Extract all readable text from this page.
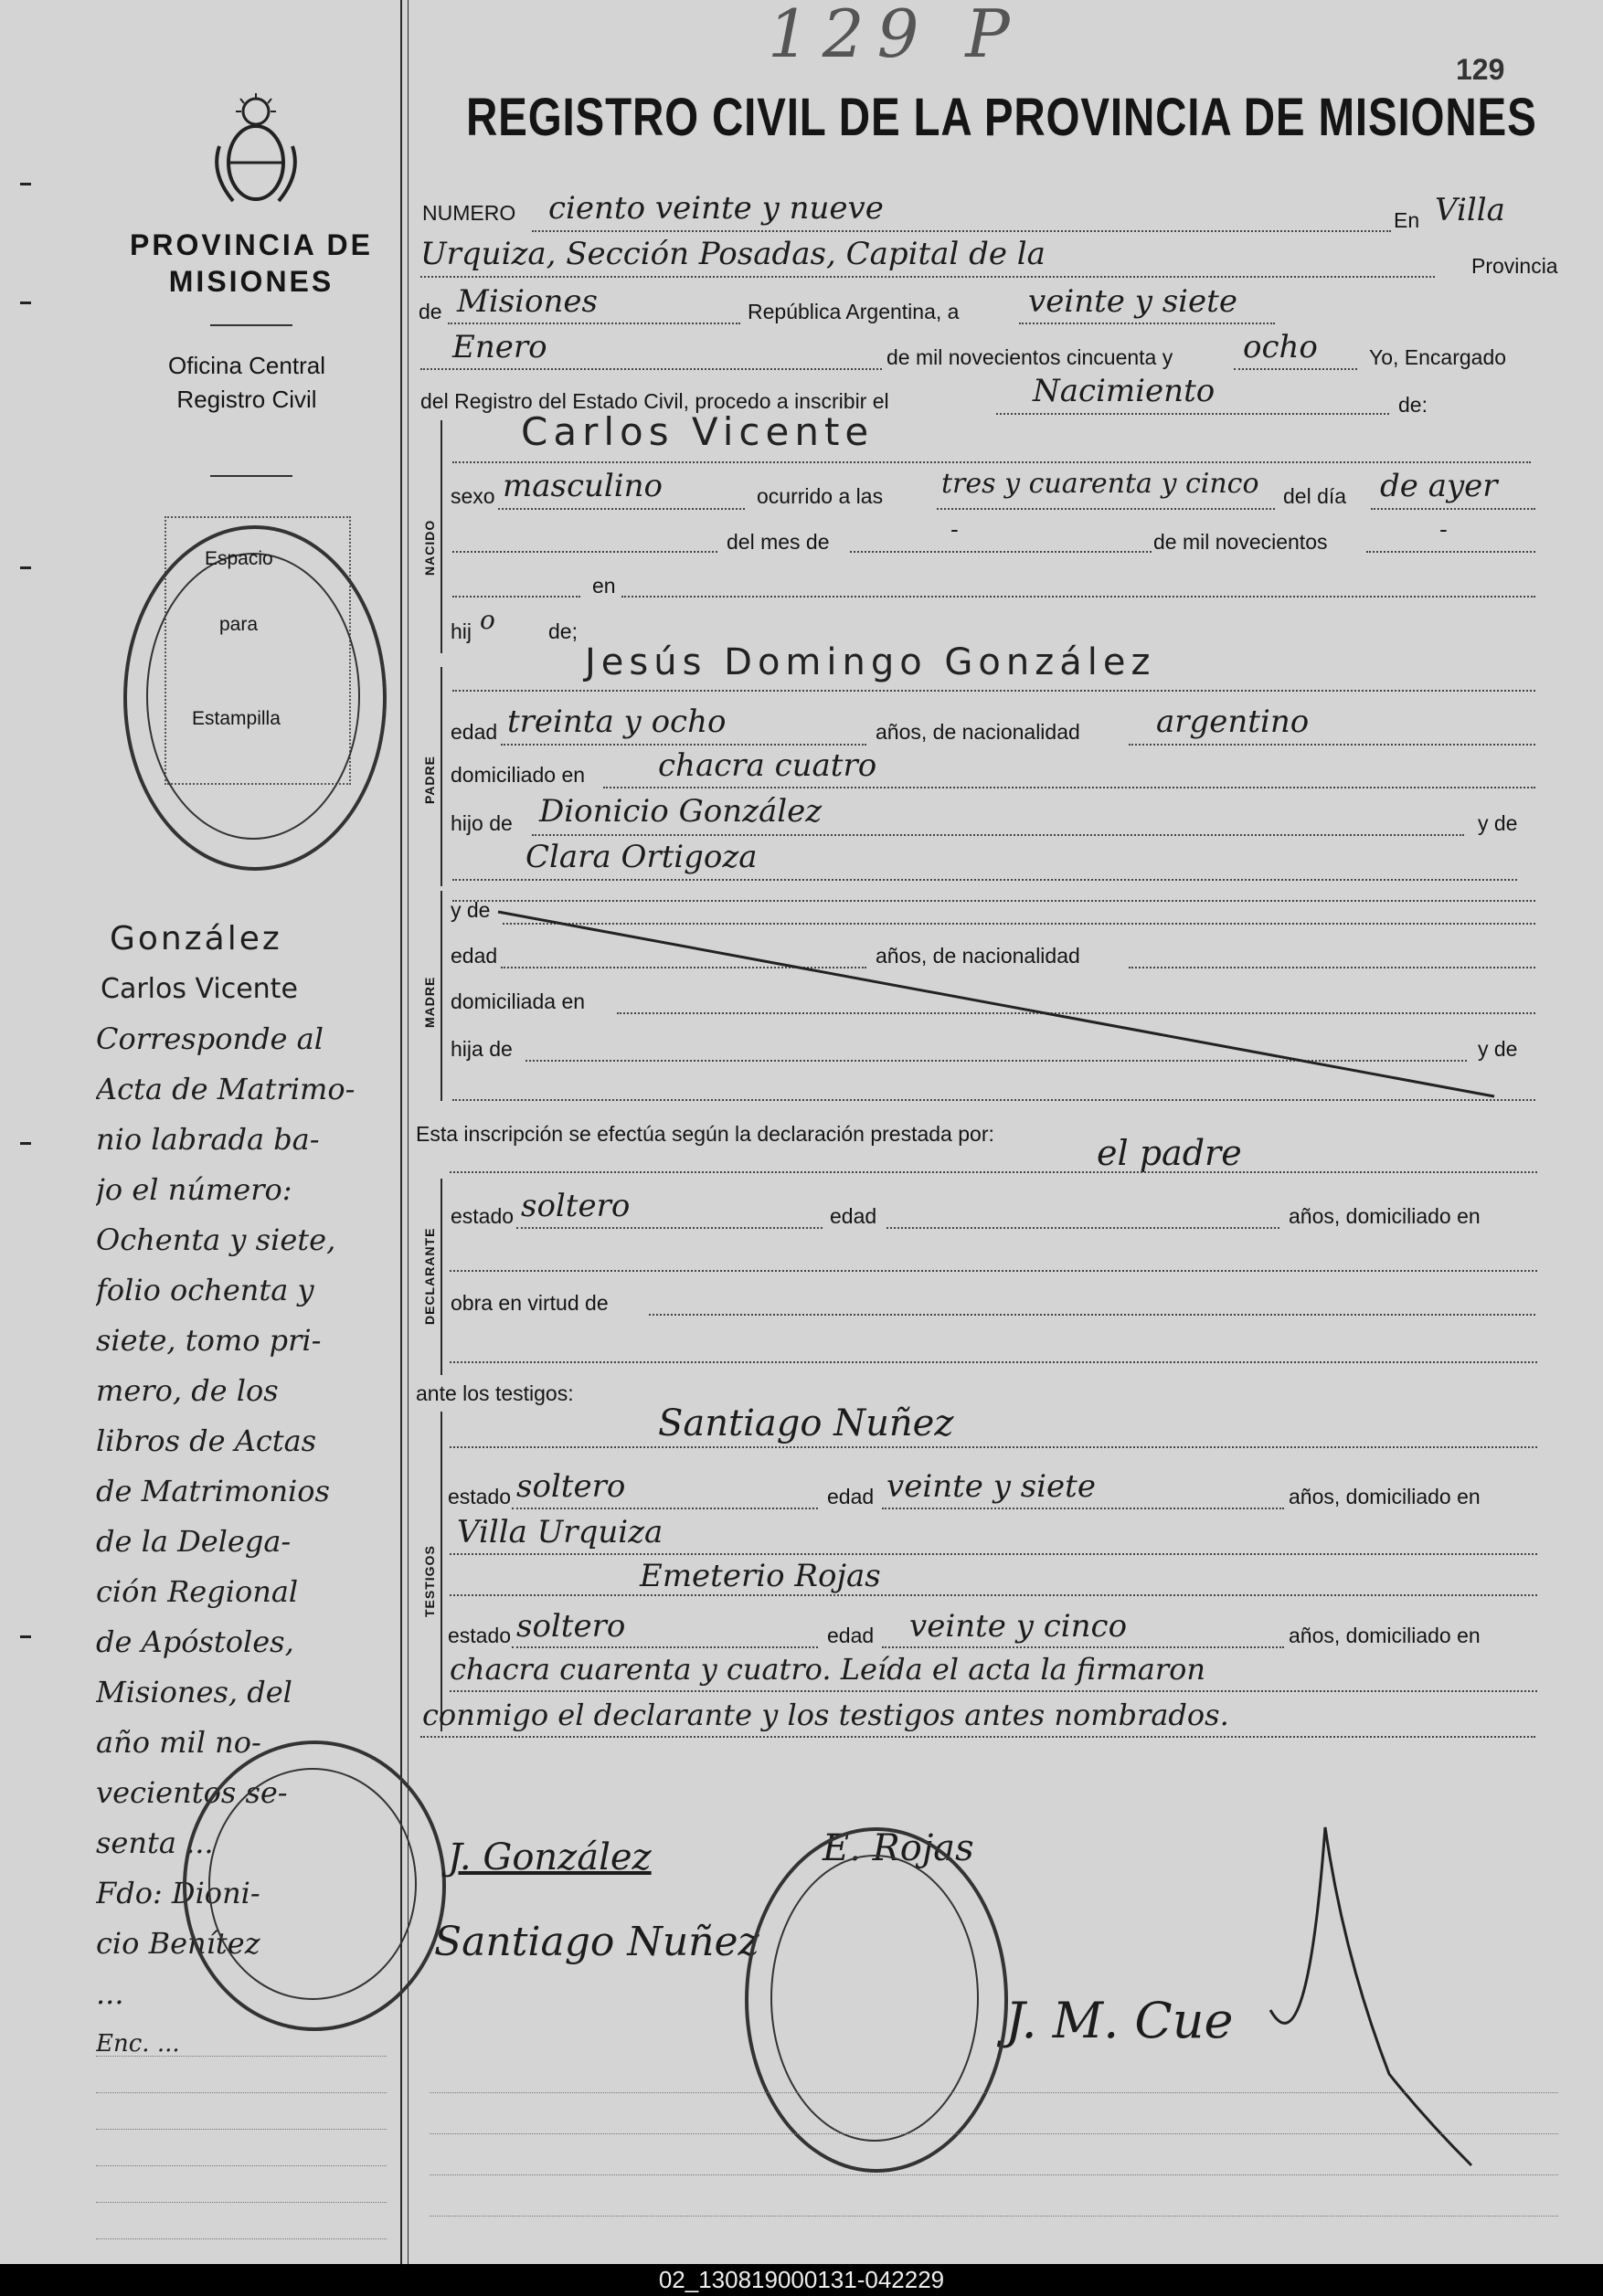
129 P	129
PROVINCIA DE MISIONES
Oficina Central
Registro Civil
Espacio
para
Estampilla
González
Carlos Vicente
Corresponde al
Acta de Matrimo-
nio labrada ba-
jo el número:
Ochenta y siete,
folio ochenta y
siete, tomo pri-
mero, de los
libros de Actas
de Matrimonios
de la Delega-
ción Regional
de Apóstoles,
Misiones, del
año mil no-
vecientos se-
senta ...
Fdo: Dioni-
cio Benítez
...
Enc. ...
REGISTRO CIVIL DE LA PROVINCIA DE MISIONES
NUMERO ciento veinte y nueve	En Villa
Urquiza, Sección Posadas, Capital de la	Provincia
de Misiones	República Argentina, a veinte y siete
Enero	de mil novecientos cincuenta y ocho Yo, Encargado
del Registro del Estado Civil, procedo a inscribir el	Nacimiento	de:
NACIDO
Carlos Vicente
sexo masculino	ocurrido a las tres y cuarenta y cinco del día de ayer
del mes de	-	de mil novecientos	-
en
hij o	de;
PADRE
Jesús Domingo González
edad treinta y ocho	años, de nacionalidad argentino
domiciliado en chacra cuatro
hijo de Dionicio González	y de
Clara Ortigoza
MADRE
y de
edad	años, de nacionalidad
domiciliada en
hija de	y de
Esta inscripción se efectúa según la declaración prestada por:	el padre
DECLARANTE
estado soltero	edad	años, domiciliado en
obra en virtud de
ante los testigos:
TESTIGOS
Santiago Nuñez
estado soltero	edad veinte y siete	años, domiciliado en
Villa Urquiza
Emeterio Rojas
estado soltero	edad veinte y cinco	años, domiciliado en
chacra cuarenta y cuatro. Leída el acta la firmaron
conmigo el declarante y los testigos antes nombrados.
J. González	E. Rojas
Santiago Nuñez
J. M. Cue
02_130819000131-042229
